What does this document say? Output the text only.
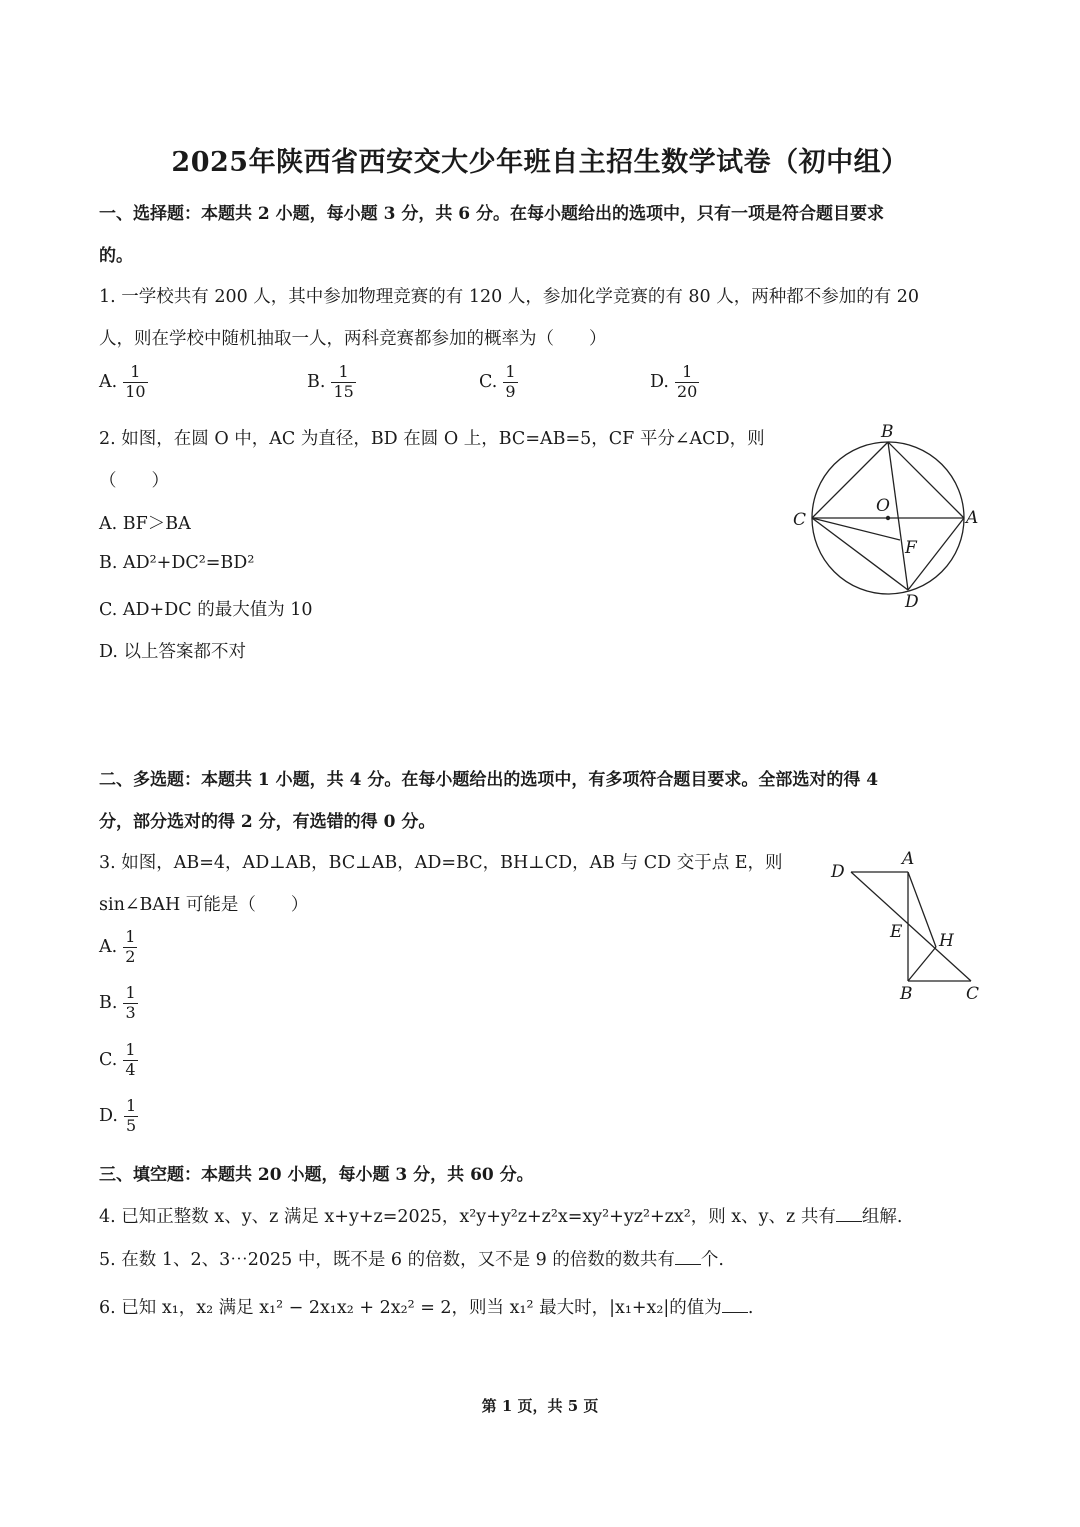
2025年陕西省西安交大少年班自主招生数学试卷（初中组）
一、选择题：本题共 2 小题，每小题 3 分，共 6 分。在每小题给出的选项中，只有一项是符合题目要求
的。
1. 一学校共有 200 人，其中参加物理竞赛的有 120 人，参加化学竞赛的有 80 人，两种都不参加的有 20
人，则在学校中随机抽取一人，两科竞赛都参加的概率为（　　）
A. $\frac{1}{10}$	B. $\frac{1}{15}$	C. $\frac{1}{9}$	D. $\frac{1}{20}$
2. 如图，在圆 O 中，AC 为直径，BD 在圆 O 上，BC=AB=5，CF 平分∠ACD，则
（　　）
A. BF＞BA
B. AD²+DC²=BD²
C. AD+DC 的最大值为 10
D. 以上答案都不对
B
O
C	A
F
D
二、多选题：本题共 1 小题，共 4 分。在每小题给出的选项中，有多项符合题目要求。全部选对的得 4
分，部分选对的得 2 分，有选错的得 0 分。
3. 如图，AB=4，AD⊥AB，BC⊥AB，AD=BC，BH⊥CD，AB 与 CD 交于点 E，则
sin∠BAH 可能是（　　）
A. $\frac{1}{2}$
B. $\frac{1}{3}$
C. $\frac{1}{4}$
D. $\frac{1}{5}$
D
A
E H
B	C
三、填空题：本题共 20 小题，每小题 3 分，共 60 分。
4. 已知正整数 x、y、z 满足 x+y+z=2025，x²y+y²z+z²x=xy²+yz²+zx²，则 x、y、z 共有 组解.
5. 在数 1、2、3⋯2025 中，既不是 6 的倍数，又不是 9 的倍数的数共有 个.
6. 已知 x₁，x₂ 满足 x₁² − 2x₁x₂ + 2x₂² = 2，则当 x₁² 最大时，|x₁+x₂|的值为 .
第 1 页，共 5 页
